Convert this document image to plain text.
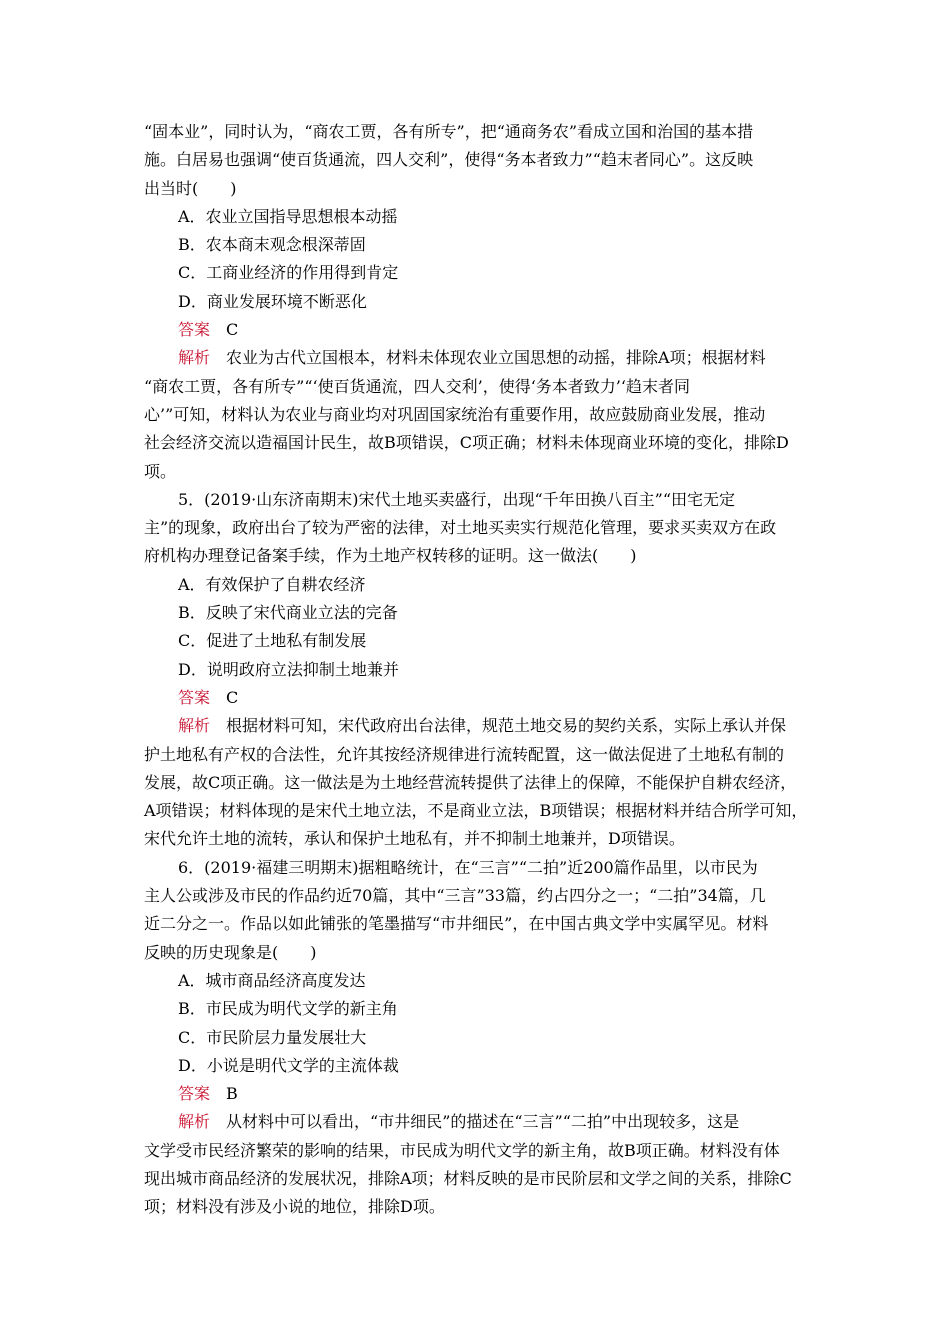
“固本业”，同时认为，“商农工贾，各有所专”，把“通商务农”看成立国和治国的基本措

施。白居易也强调“使百货通流，四人交利”，使得“务本者致力”“趋末者同心”。这反映

出当时(　　)

A．农业立国指导思想根本动摇

B．农本商末观念根深蒂固

C．工商业经济的作用得到肯定

D．商业发展环境不断恶化

答案 C

解析 农业为古代立国根本，材料未体现农业立国思想的动摇，排除A项；根据材料

“商农工贾，各有所专”“‘使百货通流，四人交利’，使得‘务本者致力’‘趋末者同

心’”可知，材料认为农业与商业均对巩固国家统治有重要作用，故应鼓励商业发展，推动

社会经济交流以造福国计民生，故B项错误，C项正确；材料未体现商业环境的变化，排除D

项。

5．(2019·山东济南期末)宋代土地买卖盛行，出现“千年田换八百主”“田宅无定

主”的现象，政府出台了较为严密的法律，对土地买卖实行规范化管理，要求买卖双方在政

府机构办理登记备案手续，作为土地产权转移的证明。这一做法(　　)

A．有效保护了自耕农经济

B．反映了宋代商业立法的完备

C．促进了土地私有制发展

D．说明政府立法抑制土地兼并

答案 C

解析 根据材料可知，宋代政府出台法律，规范土地交易的契约关系，实际上承认并保

护土地私有产权的合法性，允许其按经济规律进行流转配置，这一做法促进了土地私有制的

发展，故C项正确。这一做法是为土地经营流转提供了法律上的保障，不能保护自耕农经济，

A项错误；材料体现的是宋代土地立法，不是商业立法，B项错误；根据材料并结合所学可知，

宋代允许土地的流转，承认和保护土地私有，并不抑制土地兼并，D项错误。

6．(2019·福建三明期末)据粗略统计，在“三言”“二拍”近200篇作品里，以市民为

主人公或涉及市民的作品约近70篇，其中“三言”33篇，约占四分之一；“二拍”34篇，几

近二分之一。作品以如此铺张的笔墨描写“市井细民”，在中国古典文学中实属罕见。材料

反映的历史现象是(　　)

A．城市商品经济高度发达

B．市民成为明代文学的新主角

C．市民阶层力量发展壮大

D．小说是明代文学的主流体裁

答案 B

解析 从材料中可以看出，“市井细民”的描述在“三言”“二拍”中出现较多，这是

文学受市民经济繁荣的影响的结果，市民成为明代文学的新主角，故B项正确。材料没有体

现出城市商品经济的发展状况，排除A项；材料反映的是市民阶层和文学之间的关系，排除C

项；材料没有涉及小说的地位，排除D项。
